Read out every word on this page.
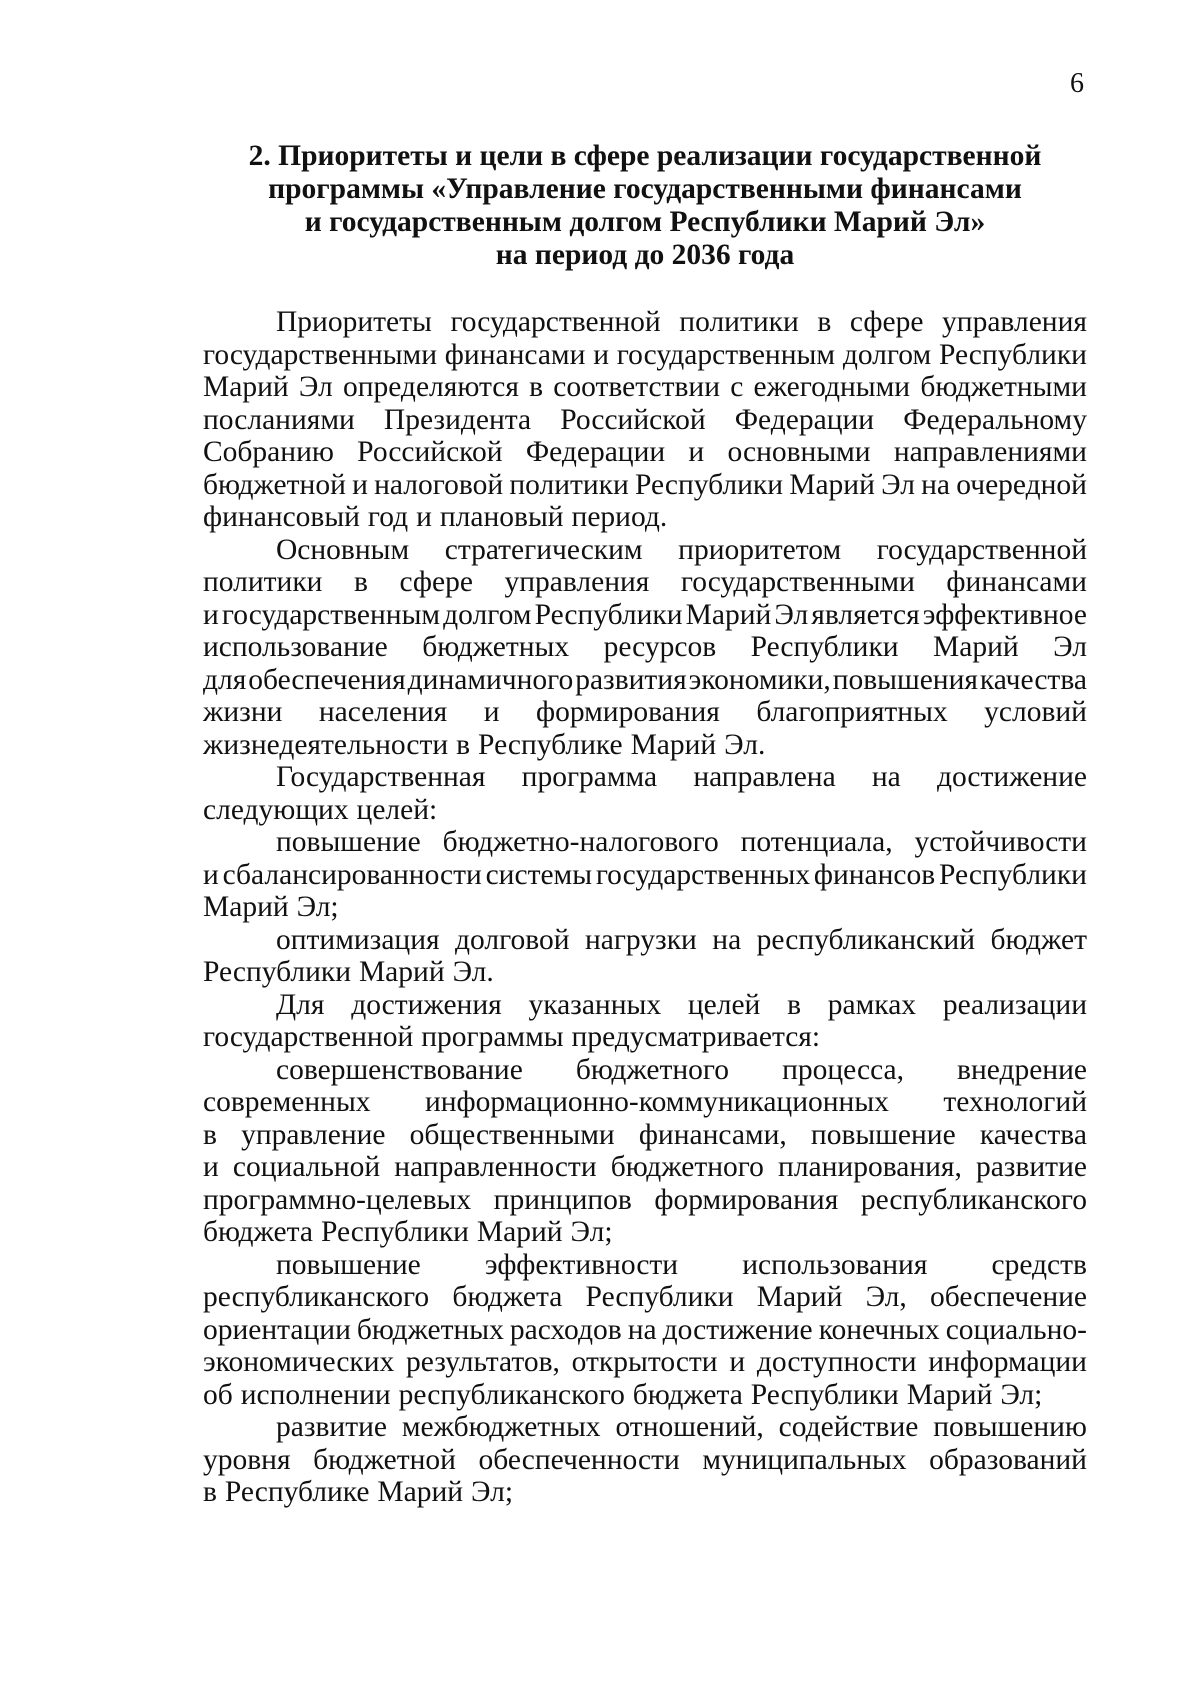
6
2. Приоритеты и цели в сфере реализации государственной
программы «Управление государственными финансами
и государственным долгом Республики Марий Эл»
на период до 2036 года
Приоритеты государственной политики в сфере управления
государственными финансами и государственным долгом Республики
Марий Эл определяются в соответствии с ежегодными бюджетными
посланиями Президента Российской Федерации Федеральному
Собранию Российской Федерации и основными направлениями
бюджетной и налоговой политики Республики Марий Эл на очередной
финансовый год и плановый период.
Основным стратегическим приоритетом государственной
политики в сфере управления государственными финансами
и государственным долгом Республики Марий Эл является эффективное
использование бюджетных ресурсов Республики Марий Эл
для обеспечения динамичного развития экономики, повышения качества
жизни населения и формирования благоприятных условий
жизнедеятельности в Республике Марий Эл.
Государственная программа направлена на достижение
следующих целей:
повышение бюджетно-налогового потенциала, устойчивости
и сбалансированности системы государственных финансов Республики
Марий Эл;
оптимизация долговой нагрузки на республиканский бюджет
Республики Марий Эл.
Для достижения указанных целей в рамках реализации
государственной программы предусматривается:
совершенствование бюджетного процесса, внедрение
современных информационно-коммуникационных технологий
в управление общественными финансами, повышение качества
и социальной направленности бюджетного планирования, развитие
программно-целевых принципов формирования республиканского
бюджета Республики Марий Эл;
повышение эффективности использования средств
республиканского бюджета Республики Марий Эл, обеспечение
ориентации бюджетных расходов на достижение конечных социально-
экономических результатов, открытости и доступности информации
об исполнении республиканского бюджета Республики Марий Эл;
развитие межбюджетных отношений, содействие повышению
уровня бюджетной обеспеченности муниципальных образований
в Республике Марий Эл;
